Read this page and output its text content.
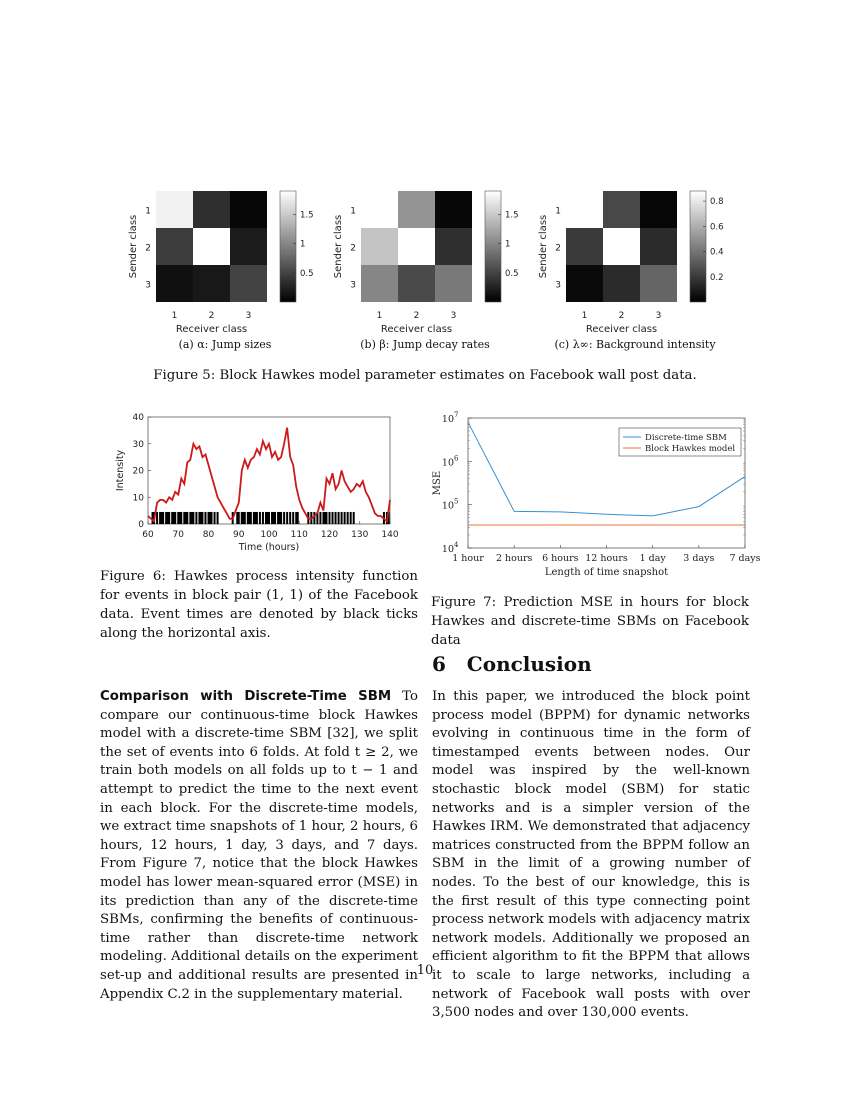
1
2
3
1	2	3
Receiver class
Sender class	1.5
1
0.5
1
2
3
1	2	3
Receiver class
Sender class	1.5
1
0.5
1
2
3
1	2	3
Receiver class
Sender class
0.8
0.6
0.4
0.2
(a) α: Jump sizes	(b) β: Jump decay rates	(c) λ∞: Background intensity
Figure 5: Block Hawkes model parameter estimates on Facebook wall post data.
0
10
20
30
40
60 70 80 90 100 110 120 130 140
Time (hours)
Intensity
Figure 6: Hawkes process intensity function for events in block pair (1, 1) of the Facebook data. Event times are denoted by black ticks along the horizontal axis.
10 7
10 6
10 5
10 4
1 hour 2 hours 6 hours 12 hours 1 day 3 days 7 days
Length of time snapshot
MSE
Discrete-time SBM
Block Hawkes model
Figure 7: Prediction MSE in hours for block Hawkes and discrete-time SBMs on Facebook data
6   Conclusion
Comparison with Discrete-Time SBM To compare our continuous-time block Hawkes model with a discrete-time SBM [32], we split the set of events into 6 folds. At fold t ≥ 2, we train both models on all folds up to t − 1 and attempt to predict the time to the next event in each block. For the discrete-time models, we extract time snapshots of 1 hour, 2 hours, 6 hours, 12 hours, 1 day, 3 days, and 7 days. From Figure 7, notice that the block Hawkes model has lower mean-squared error (MSE) in its prediction than any of the discrete-time SBMs, confirming the benefits of continuous-time rather than discrete-time network modeling. Additional details on the experiment set-up and additional results are presented in Appendix C.2 in the supplementary material.
In this paper, we introduced the block point process model (BPPM) for dynamic networks evolving in continuous time in the form of timestamped events between nodes. Our model was inspired by the well-known stochastic block model (SBM) for static networks and is a simpler version of the Hawkes IRM. We demonstrated that adjacency matrices constructed from the BPPM follow an SBM in the limit of a growing number of nodes. To the best of our knowledge, this is the first result of this type connecting point process network models with adjacency matrix network models. Additionally we proposed an efficient algorithm to fit the BPPM that allows it to scale to large networks, including a network of Facebook wall posts with over 3,500 nodes and over 130,000 events.
10
